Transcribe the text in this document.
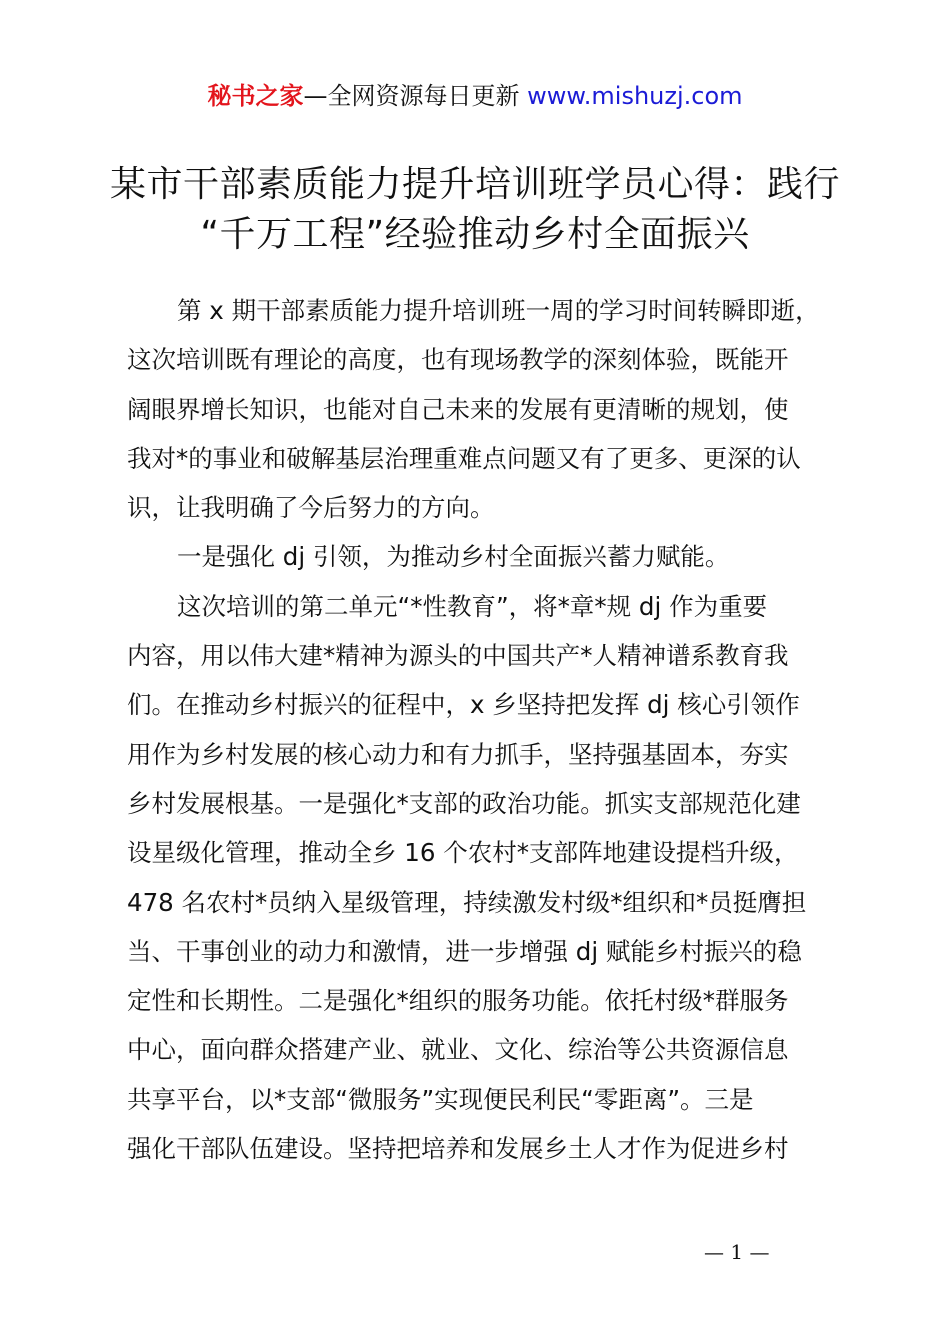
秘书之家—全网资源每日更新 www.mishuzj.com
某市干部素质能力提升培训班学员心得：践行
“千万工程”经验推动乡村全面振兴
第 x 期干部素质能力提升培训班一周的学习时间转瞬即逝，
这次培训既有理论的高度，也有现场教学的深刻体验，既能开
阔眼界增长知识，也能对自己未来的发展有更清晰的规划，使
我对*的事业和破解基层治理重难点问题又有了更多、更深的认
识，让我明确了今后努力的方向。
一是强化 dj 引领，为推动乡村全面振兴蓄力赋能。
这次培训的第二单元“*性教育”，将*章*规 dj 作为重要
内容，用以伟大建*精神为源头的中国共产*人精神谱系教育我
们。在推动乡村振兴的征程中，x 乡坚持把发挥 dj 核心引领作
用作为乡村发展的核心动力和有力抓手，坚持强基固本，夯实
乡村发展根基。一是强化*支部的政治功能。抓实支部规范化建
设星级化管理，推动全乡 16 个农村*支部阵地建设提档升级，
478 名农村*员纳入星级管理，持续激发村级*组织和*员挺膺担
当、干事创业的动力和激情，进一步增强 dj 赋能乡村振兴的稳
定性和长期性。二是强化*组织的服务功能。依托村级*群服务
中心，面向群众搭建产业、就业、文化、综治等公共资源信息
共享平台，以*支部“微服务”实现便民利民“零距离”。三是
强化干部队伍建设。坚持把培养和发展乡土人才作为促进乡村
— 1 —
